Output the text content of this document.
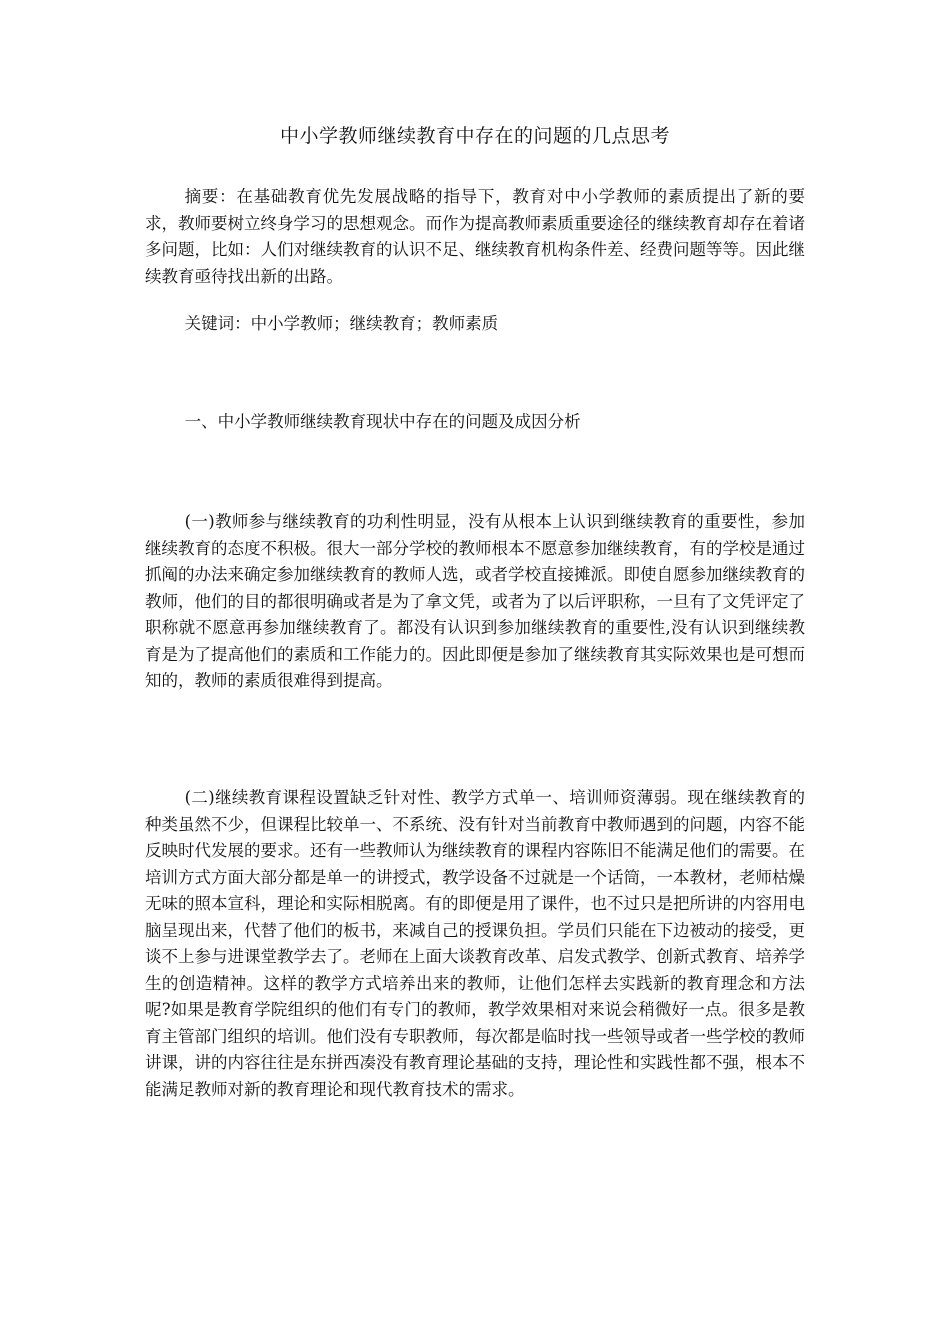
中小学教师继续教育中存在的问题的几点思考

摘要：在基础教育优先发展战略的指导下，教育对中小学教师的素质提出了新的要求，教师要树立终身学习的思想观念。而作为提高教师素质重要途径的继续教育却存在着诸多问题，比如：人们对继续教育的认识不足、继续教育机构条件差、经费问题等等。因此继续教育亟待找出新的出路。

关键词：中小学教师；继续教育；教师素质

一、中小学教师继续教育现状中存在的问题及成因分析

(一)教师参与继续教育的功利性明显，没有从根本上认识到继续教育的重要性，参加继续教育的态度不积极。很大一部分学校的教师根本不愿意参加继续教育，有的学校是通过抓阄的办法来确定参加继续教育的教师人选，或者学校直接摊派。即使自愿参加继续教育的教师，他们的目的都很明确或者是为了拿文凭，或者为了以后评职称，一旦有了文凭评定了职称就不愿意再参加继续教育了。都没有认识到参加继续教育的重要性,没有认识到继续教育是为了提高他们的素质和工作能力的。因此即便是参加了继续教育其实际效果也是可想而知的，教师的素质很难得到提高。

(二)继续教育课程设置缺乏针对性、教学方式单一、培训师资薄弱。现在继续教育的种类虽然不少，但课程比较单一、不系统、没有针对当前教育中教师遇到的问题，内容不能反映时代发展的要求。还有一些教师认为继续教育的课程内容陈旧不能满足他们的需要。在培训方式方面大部分都是单一的讲授式，教学设备不过就是一个话筒，一本教材，老师枯燥无味的照本宣科，理论和实际相脱离。有的即便是用了课件，也不过只是把所讲的内容用电脑呈现出来，代替了他们的板书，来减自己的授课负担。学员们只能在下边被动的接受，更谈不上参与进课堂教学去了。老师在上面大谈教育改革、启发式教学、创新式教育、培养学生的创造精神。这样的教学方式培养出来的教师，让他们怎样去实践新的教育理念和方法呢?如果是教育学院组织的他们有专门的教师，教学效果相对来说会稍微好一点。很多是教育主管部门组织的培训。他们没有专职教师，每次都是临时找一些领导或者一些学校的教师讲课，讲的内容往往是东拼西凑没有教育理论基础的支持，理论性和实践性都不强，根本不能满足教师对新的教育理论和现代教育技术的需求。
